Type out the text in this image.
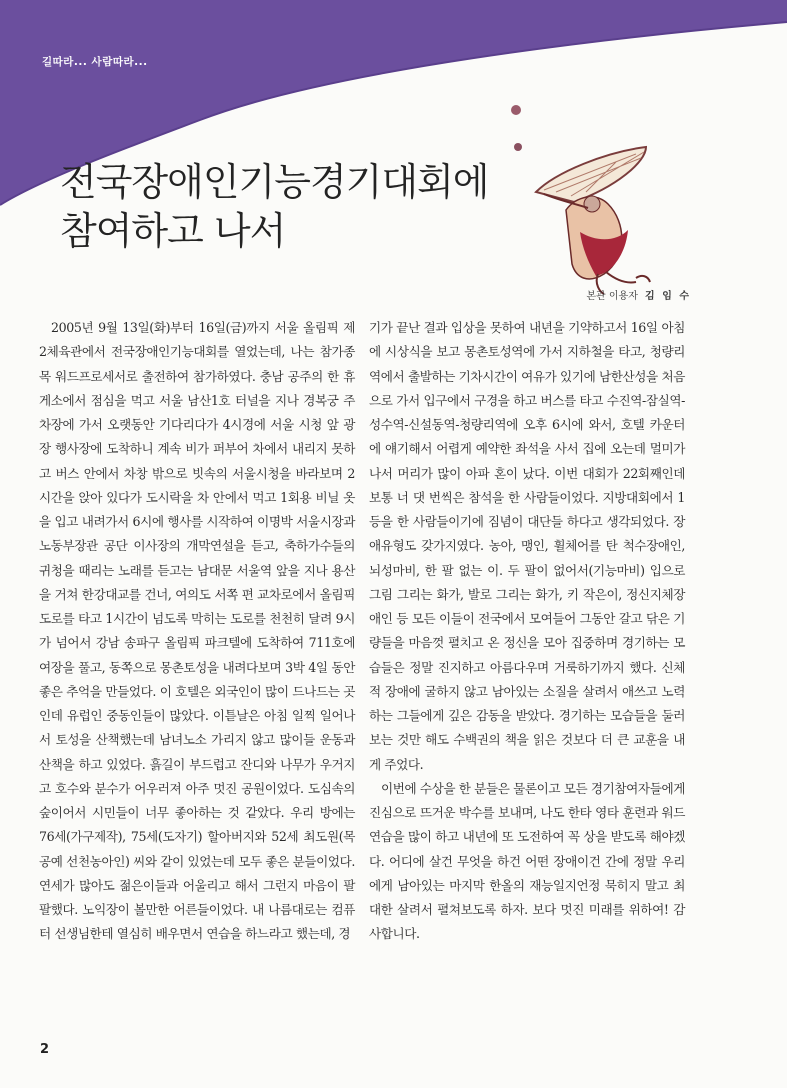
길따라... 사람따라...
전국장애인기능경기대회에
참여하고 나서
본관 이용자 김 임 수

2005년 9월 13일(화)부터 16일(금)까지 서울 올림픽 제2체육관에서 전국장애인기능대회를 열었는데, 나는 참가종목 워드프로세서로 출전하여 참가하였다. 충남 공주의 한 휴게소에서 점심을 먹고 서울 남산1호 터널을 지나 경복궁 주차장에 가서 오랫동안 기다리다가 4시경에 서울 시청 앞 광장 행사장에 도착하니 계속 비가 퍼부어 차에서 내리지 못하고 버스 안에서 차창 밖으로 빗속의 서울시청을 바라보며 2시간을 앉아 있다가 도시락을 차 안에서 먹고 1회용 비닐 옷을 입고 내려가서 6시에 행사를 시작하여 이명박 서울시장과 노동부장관 공단 이사장의 개막연설을 듣고, 축하가수들의 귀청을 때리는 노래를 듣고는 남대문 서울역 앞을 지나 용산을 거쳐 한강대교를 건너, 여의도 서쪽 편 교차로에서 올림픽 도로를 타고 1시간이 넘도록 막히는 도로를 천천히 달려 9시가 넘어서 강남 송파구 올림픽 파크텔에 도착하여 711호에 여장을 풀고, 동쪽으로 몽촌토성을 내려다보며 3박 4일 동안 좋은 추억을 만들었다. 이 호텔은 외국인이 많이 드나드는 곳인데 유럽인 중동인들이 많았다. 이튿날은 아침 일찍 일어나서 토성을 산책했는데 남녀노소 가리지 않고 많이들 운동과 산책을 하고 있었다. 흙길이 부드럽고 잔디와 나무가 우거지고 호수와 분수가 어우러져 아주 멋진 공원이었다. 도심속의 숲이어서 시민들이 너무 좋아하는 것 같았다. 우리 방에는 76세(가구제작), 75세(도자기) 할아버지와 52세 최도원(목공예 선천농아인) 씨와 같이 있었는데 모두 좋은 분들이었다. 연세가 많아도 젊은이들과 어울리고 해서 그런지 마음이 팔팔했다. 노익장이 볼만한 어른들이었다. 내 나름대로는 컴퓨터 선생님한테 열심히 배우면서 연습을 하느라고 했는데, 경

기가 끝난 결과 입상을 못하여 내년을 기약하고서 16일 아침에 시상식을 보고 몽촌토성역에 가서 지하철을 타고, 청량리역에서 출발하는 기차시간이 여유가 있기에 남한산성을 처음으로 가서 입구에서 구경을 하고 버스를 타고 수진역-잠실역-성수역-신설동역-청량리역에 오후 6시에 와서, 호텔 카운터에 얘기해서 어렵게 예약한 좌석을 사서 집에 오는데 멀미가 나서 머리가 많이 아파 혼이 났다. 이번 대회가 22회째인데 보통 너 댓 번씩은 참석을 한 사람들이었다. 지방대회에서 1등을 한 사람들이기에 짐념이 대단들 하다고 생각되었다. 장애유형도 갖가지였다. 농아, 맹인, 휠체어를 탄 척수장애인, 뇌성마비, 한 팔 없는 이. 두 팔이 없어서(기능마비) 입으로 그림 그리는 화가, 발로 그리는 화가, 키 작은이, 정신지체장애인 등 모든 이들이 전국에서 모여들어 그동안 갈고 닦은 기량들을 마음껏 펼치고 온 정신을 모아 집중하며 경기하는 모습들은 정말 진지하고 아름다우며 거룩하기까지 했다. 신체적 장애에 굴하지 않고 남아있는 소질을 살려서 애쓰고 노력하는 그들에게 깊은 감동을 받았다. 경기하는 모습들을 둘러보는 것만 해도 수백권의 책을 읽은 것보다 더 큰 교훈을 내게 주었다.

이번에 수상을 한 분들은 물론이고 모든 경기참여자들에게 진심으로 뜨거운 박수를 보내며, 나도 한타 영타 훈련과 워드연습을 많이 하고 내년에 또 도전하여 꼭 상을 받도록 해야겠다. 어디에 살건 무엇을 하건 어떤 장애이건 간에 정말 우리에게 남아있는 마지막 한올의 재능일지언정 묵히지 말고 최대한 살려서 펼쳐보도록 하자. 보다 멋진 미래를 위하여! 감사합니다.

2
